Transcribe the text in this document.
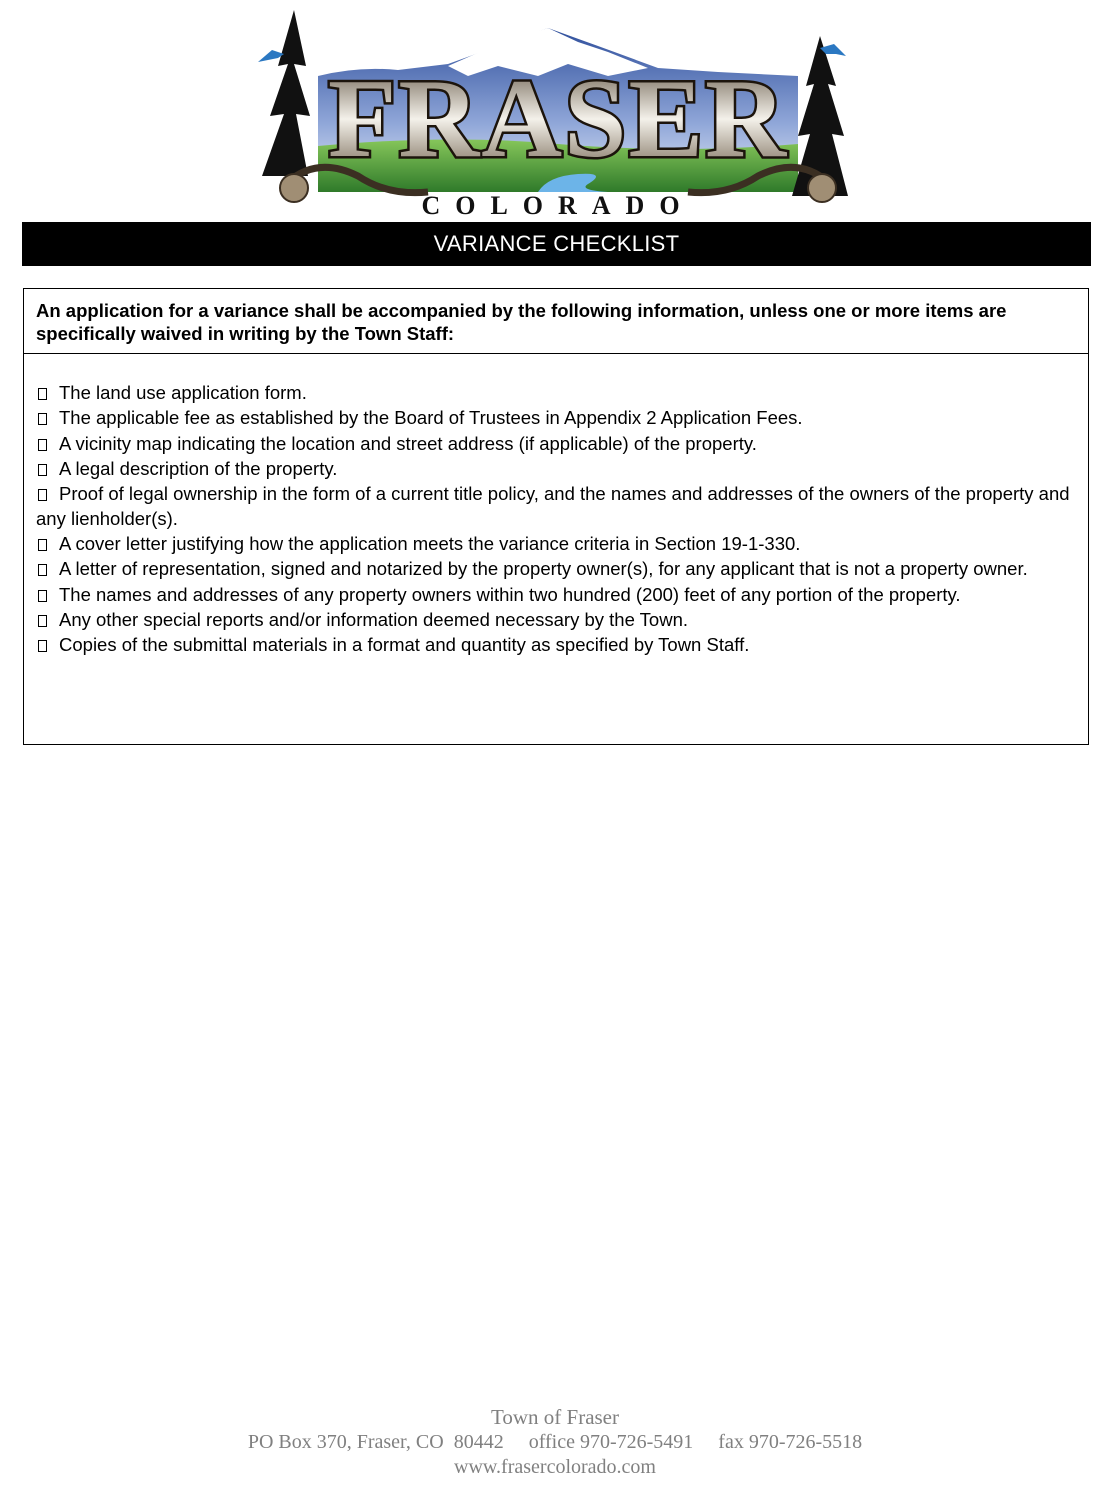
FRASER
COLORADO
VARIANCE CHECKLIST
An application for a variance shall be accompanied by the following information, unless one or more items are specifically waived in writing by the Town Staff:
The land use application form.
The applicable fee as established by the Board of Trustees in Appendix 2 Application Fees.
A vicinity map indicating the location and street address (if applicable) of the property.
A legal description of the property.
Proof of legal ownership in the form of a current title policy, and the names and addresses of the owners of the property and any lienholder(s).
A cover letter justifying how the application meets the variance criteria in Section 19-1-330.
A letter of representation, signed and notarized by the property owner(s), for any applicant that is not a property owner.
The names and addresses of any property owners within two hundred (200) feet of any portion of the property.
Any other special reports and/or information deemed necessary by the Town.
Copies of the submittal materials in a format and quantity as specified by Town Staff.
Town of Fraser
PO Box 370, Fraser, CO  80442 office 970-726-5491 fax 970-726-5518
www.frasercolorado.com
